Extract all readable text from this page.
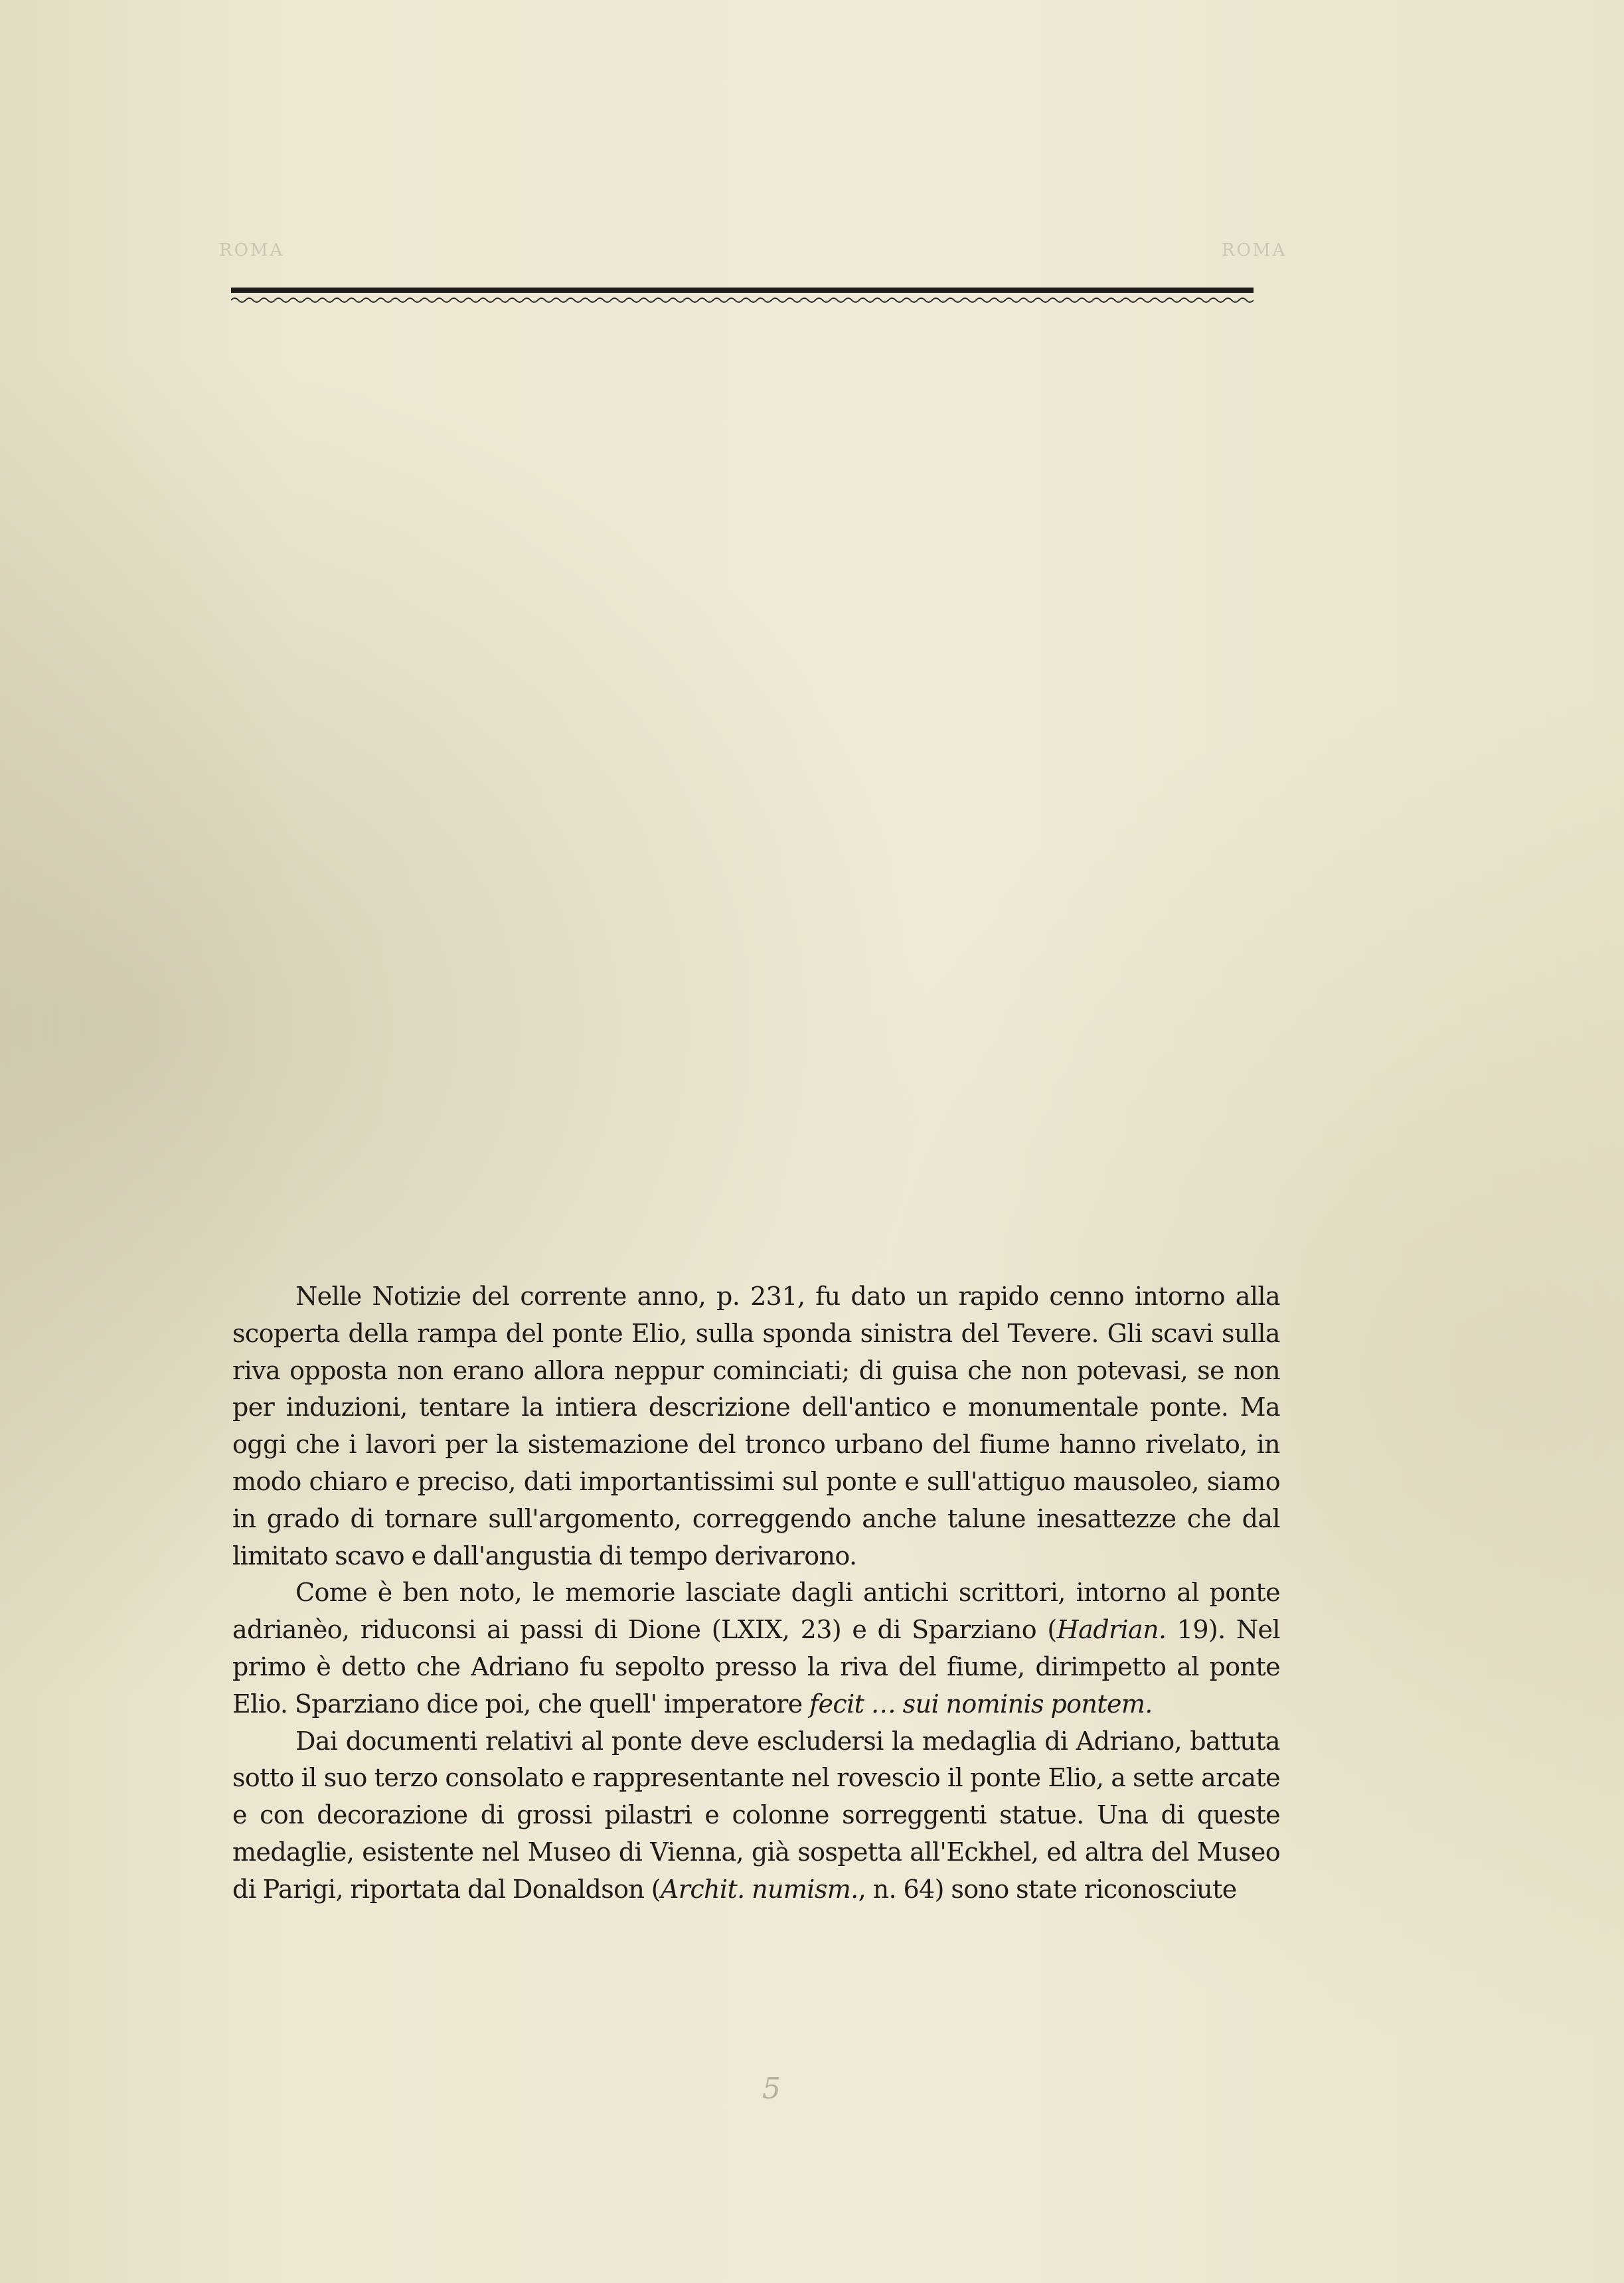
ROMA	ROMA

Nelle Notizie del corrente anno, p. 231, fu dato un rapido cenno intorno alla scoperta della rampa del ponte Elio, sulla sponda sinistra del Tevere. Gli scavi sulla riva opposta non erano allora neppur cominciati; di guisa che non potevasi, se non per induzioni, tentare la intiera descrizione dell'antico e monumentale ponte. Ma oggi che i lavori per la sistemazione del tronco urbano del fiume hanno rivelato, in modo chiaro e preciso, dati importantissimi sul ponte e sull'attiguo mausoleo, siamo in grado di tornare sull'argomento, correggendo anche talune inesattezze che dal limitato scavo e dall'angustia di tempo derivarono.

Come è ben noto, le memorie lasciate dagli antichi scrittori, intorno al ponte adrianèo, riduconsi ai passi di Dione (LXIX, 23) e di Sparziano (Hadrian. 19). Nel primo è detto che Adriano fu sepolto presso la riva del fiume, dirimpetto al ponte Elio. Sparziano dice poi, che quell' imperatore fecit … sui nominis pontem.

Dai documenti relativi al ponte deve escludersi la medaglia di Adriano, battuta sotto il suo terzo consolato e rappresentante nel rovescio il ponte Elio, a sette arcate e con decorazione di grossi pilastri e colonne sorreggenti statue. Una di queste medaglie, esistente nel Museo di Vienna, già sospetta all'Eckhel, ed altra del Museo di Parigi, riportata dal Donaldson (Archit. numism., n. 64) sono state riconosciute

5
